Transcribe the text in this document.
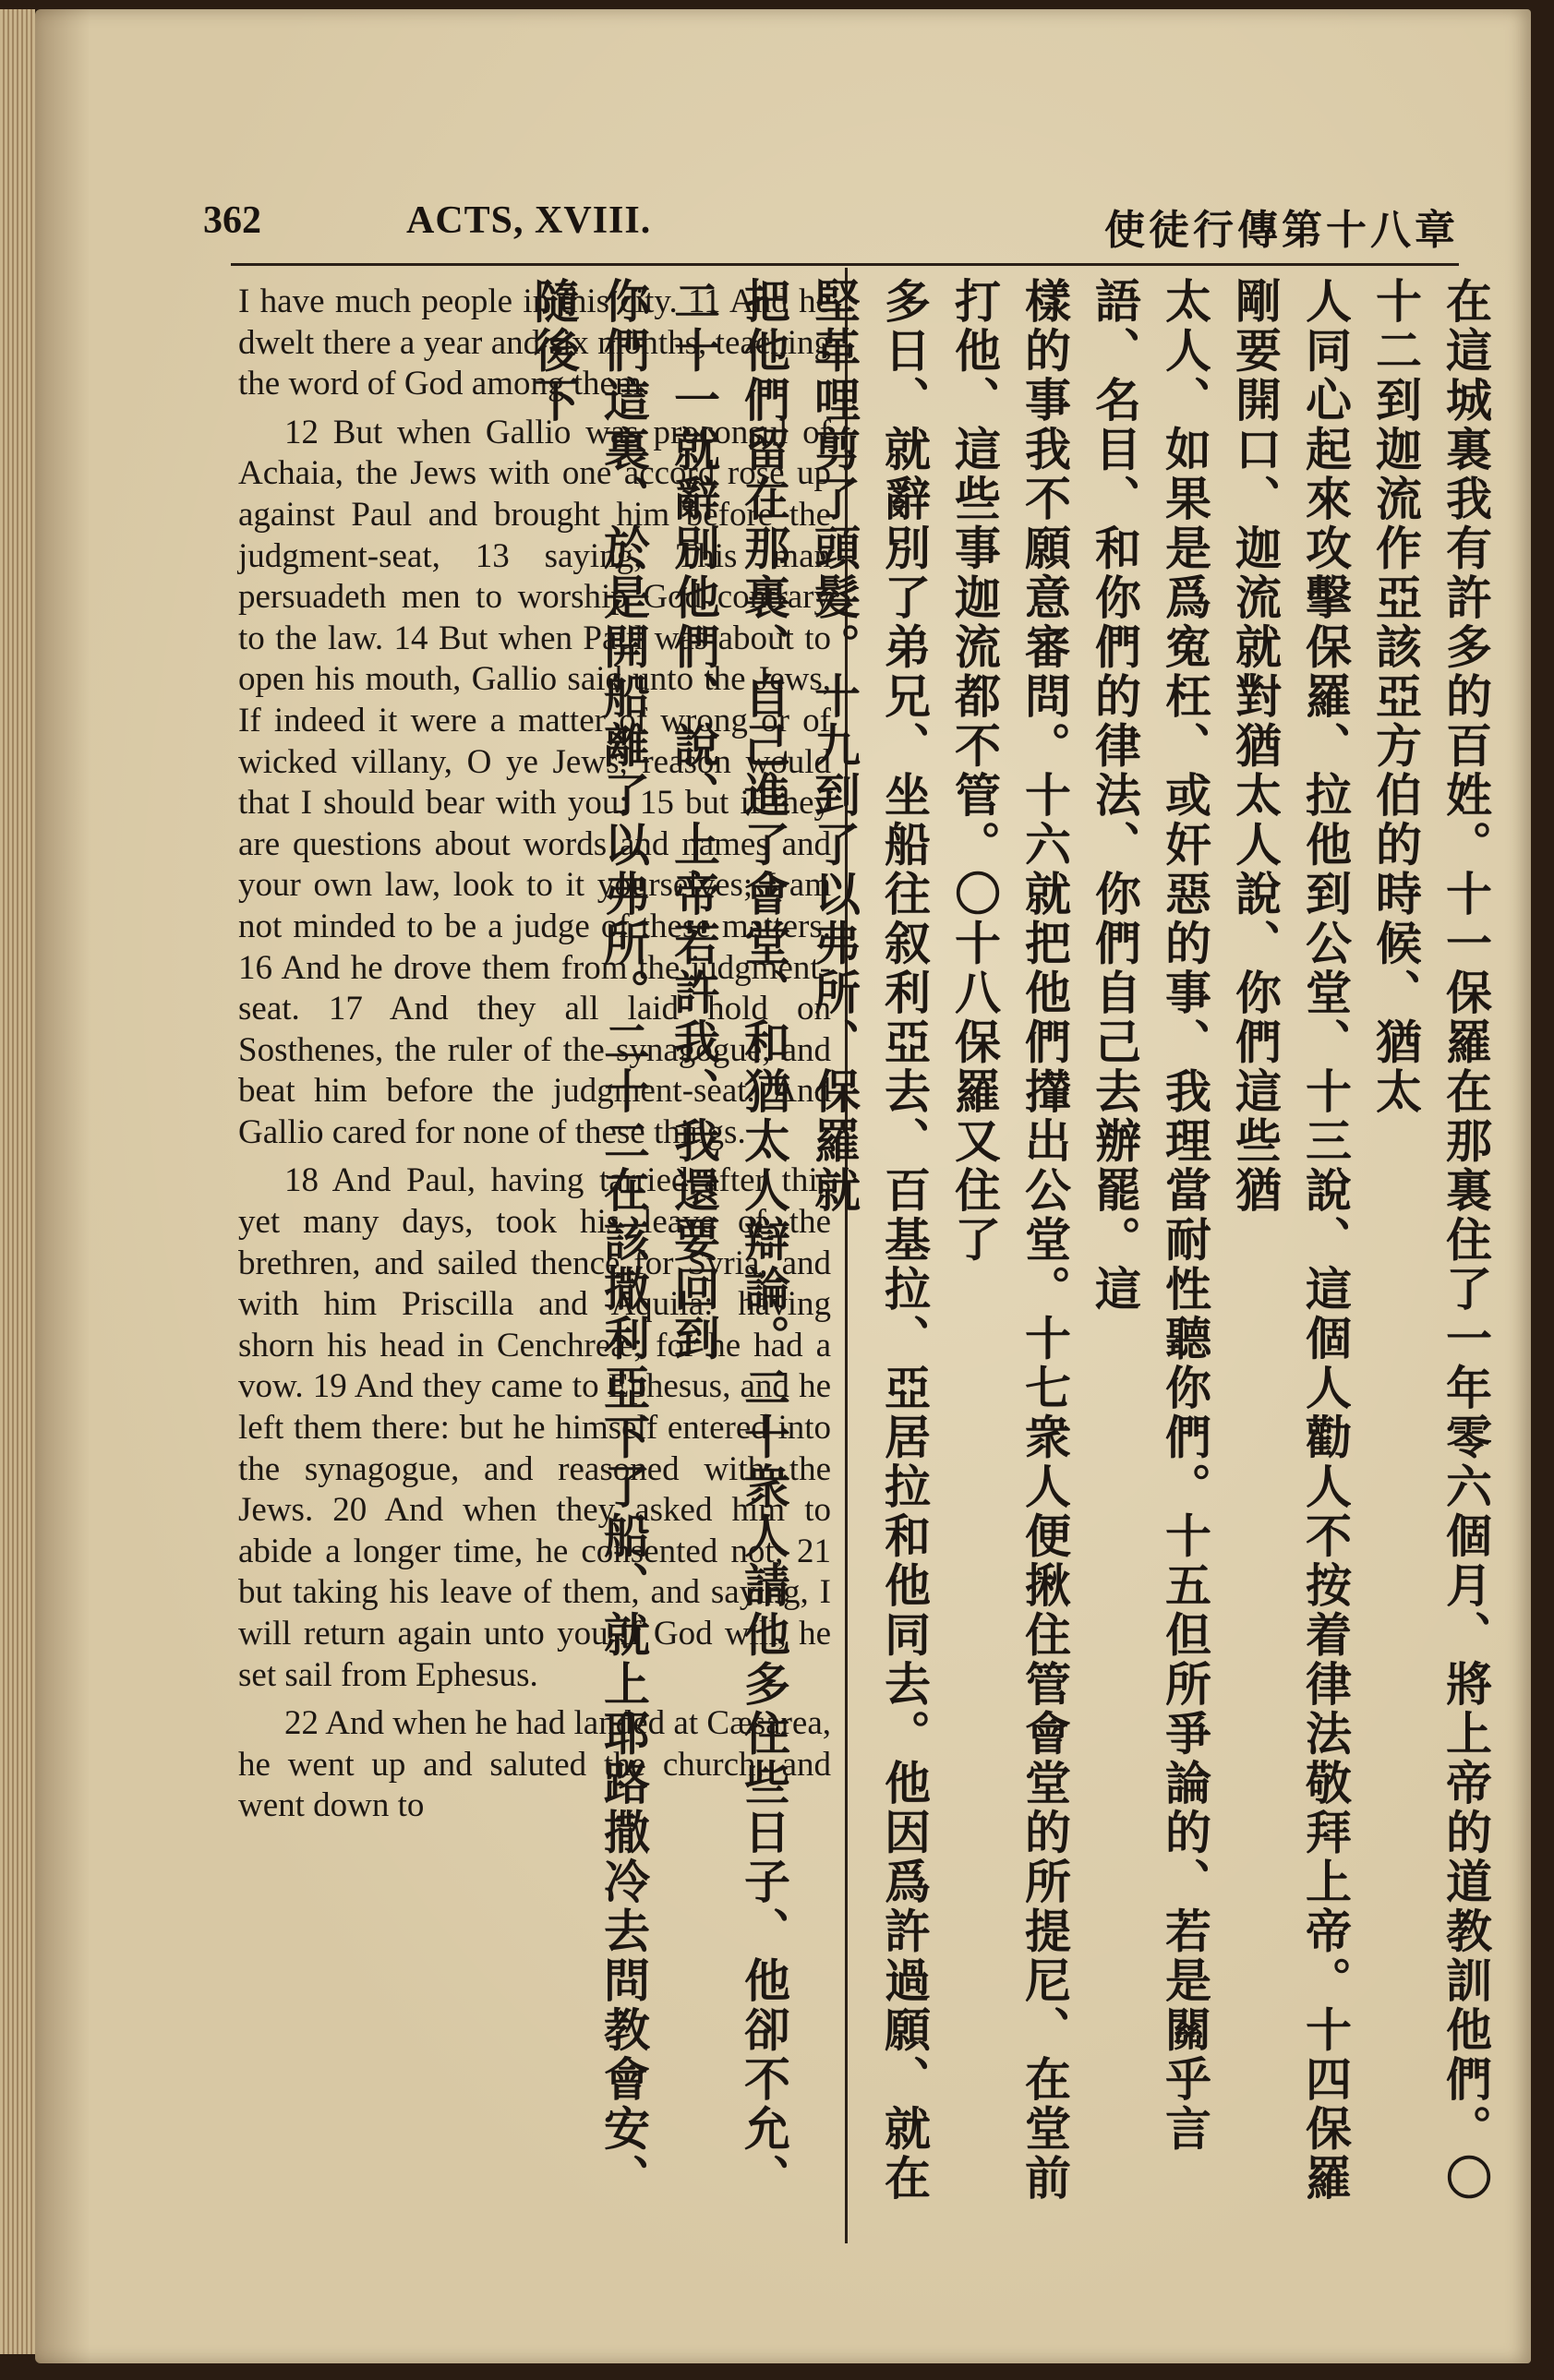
362	ACTS, XVIII.	使徒行傳第十八章

I have much people in this city. 11 And he dwelt there a year and six months, teaching the word of God among them.

12 But when Gallio was proconsul of Achaia, the Jews with one accord rose up against Paul and brought him before the judgment-seat, 13 saying, This man persuadeth men to worship God contrary to the law. 14 But when Paul was about to open his mouth, Gallio said unto the Jews, If indeed it were a matter of wrong or of wicked villany, O ye Jews, reason would that I should bear with you: 15 but if they are questions about words and names and your own law, look to it yourselves; I am not minded to be a judge of these matters. 16 And he drove them from the judgment-seat. 17 And they all laid hold on Sosthenes, the ruler of the synagogue, and beat him before the judgment-seat. And Gallio cared for none of these things.

18 And Paul, having tarried after this yet many days, took his leave of the brethren, and sailed thence for Syria, and with him Priscilla and Aquila: having shorn his head in Cenchreæ; for he had a vow. 19 And they came to Ephesus, and he left them there: but he himself entered into the synagogue, and reasoned with the Jews. 20 And when they asked him to abide a longer time, he consented not; 21 but taking his leave of them, and saying, I will return again unto you if God will, he set sail from Ephesus.

22 And when he had landed at Cæsarea, he went up and saluted the church, and went down to	在這城裏我有許多的百姓。十一保羅在那裏住了一年零六個月、將上帝的道教訓他們。〇十二到迦流作亞該亞方伯的時候、猶太

人同心起來攻擊保羅、拉他到公堂、十三說、這個人勸人不按着律法敬拜上帝。十四保羅剛要開口、迦流就對猶太人說、你們這些猶

太人、如果是爲寃枉、或奸惡的事、我理當耐性聽你們。十五但所爭論的、若是關乎言語、名目、和你們的律法、你們自己去辦罷。這

樣的事我不願意審問。十六就把他們攆出公堂。十七衆人便揪住管會堂的所提尼、在堂前打他、這些事迦流都不管。〇十八保羅又住了

多日、就辭別了弟兄、坐船往叙利亞去、百基拉、亞居拉和他同去。他因爲許過願、就在堅革哩剪了頭髮。十九到了以弗所、保羅就

把他們留在那裏、自己進了會堂、和猶太人辯論。二十衆人請他多住些日子、他卻不允、二十一就辭別他們、說、上帝若許我、我還要回到

你們這裏、於是開船離了以弗所。二十二在該撒利亞下了船、就上耶路撒冷去問教會安、隨後下
